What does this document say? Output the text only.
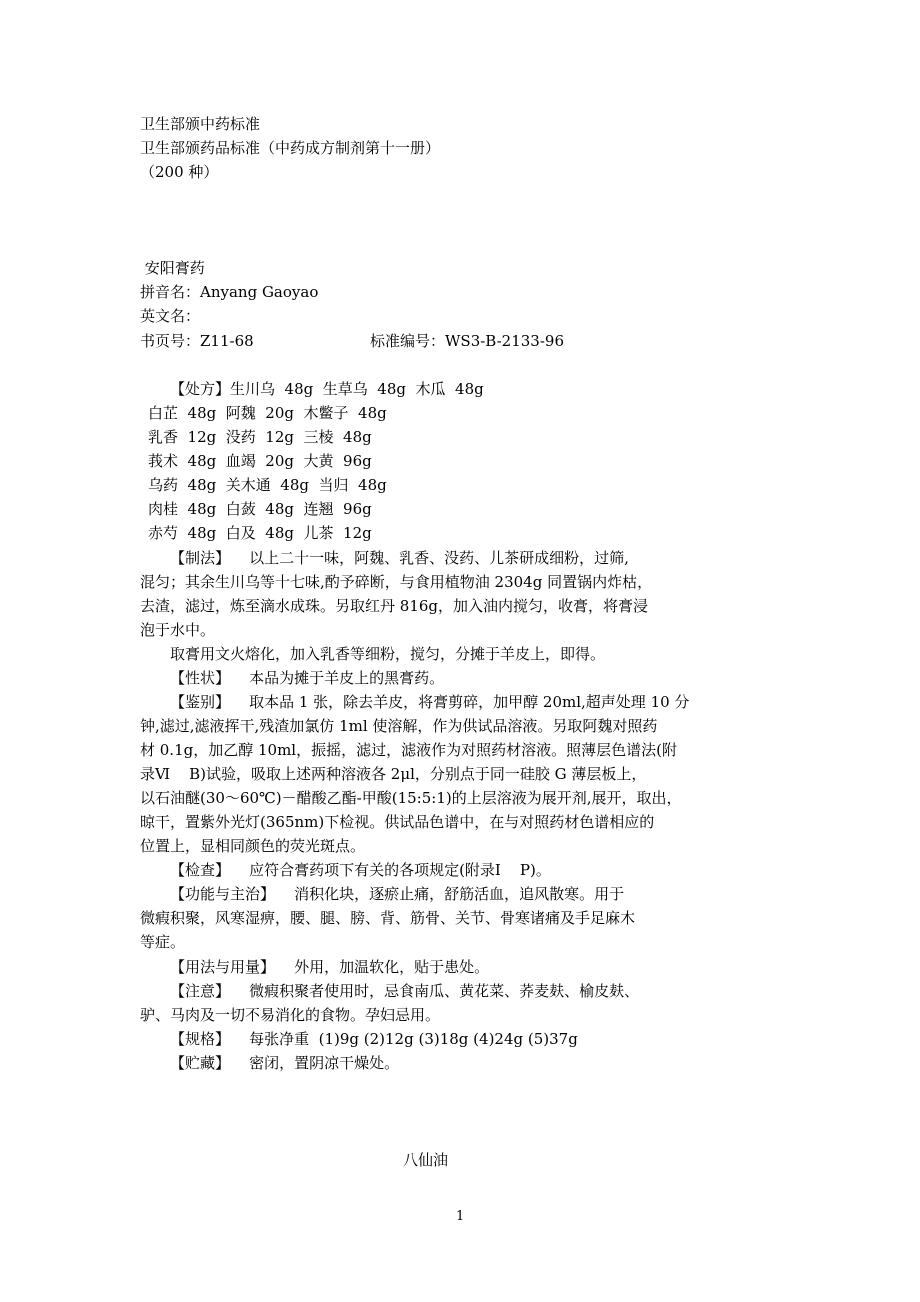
卫生部颁中药标准
卫生部颁药品标准（中药成方制剂第十一册）
（200 种）
安阳膏药
拼音名：Anyang Gaoyao
英文名：
书页号：Z11-68	标准编号：WS3-B-2133-96
【处方】生川乌  48g  生草乌  48g  木瓜  48g
白芷  48g  阿魏  20g  木鳖子  48g
乳香  12g  没药  12g  三棱  48g
莪术  48g  血竭  20g  大黄  96g
乌药  48g  关木通  48g  当归  48g
肉桂  48g  白蔹  48g  连翘  96g
赤芍  48g  白及  48g  儿茶  12g
【制法】    以上二十一味，阿魏、乳香、没药、儿茶研成细粉，过筛,
混匀；其余生川乌等十七味,酌予碎断，与食用植物油 2304g 同置锅内炸枯，
去渣，滤过，炼至滴水成珠。另取红丹 816g，加入油内搅匀，收膏，将膏浸
泡于水中。
取膏用文火熔化，加入乳香等细粉，搅匀，分摊于羊皮上，即得。
【性状】    本品为摊于羊皮上的黑膏药。
【鉴别】    取本品 1 张，除去羊皮，将膏剪碎，加甲醇 20ml,超声处理 10 分
钟,滤过,滤液挥干,残渣加氯仿 1ml 使溶解，作为供试品溶液。另取阿魏对照药
材 0.1g，加乙醇 10ml，振摇，滤过，滤液作为对照药材溶液。照薄层色谱法(附
录Ⅵ    B)试验，吸取上述两种溶液各 2μl，分别点于同一硅胶 G 薄层板上，
以石油醚(30～60℃)－醋酸乙酯-甲酸(15:5:1)的上层溶液为展开剂,展开，取出，
晾干，置紫外光灯(365nm)下检视。供试品色谱中，在与对照药材色谱相应的
位置上，显相同颜色的荧光斑点。
【检查】    应符合膏药项下有关的各项规定(附录Ⅰ    P)。
【功能与主治】    消积化块，逐瘀止痛，舒筋活血，追风散寒。用于
微瘕积聚，风寒湿痹，腰、腿、膀、背、筋骨、关节、骨寒诸痛及手足麻木
等症。
【用法与用量】    外用，加温软化，贴于患处。
【注意】    微瘕积聚者使用时，忌食南瓜、黄花菜、荞麦麸、榆皮麸、
驴、马肉及一切不易消化的食物。孕妇忌用。
【规格】    每张净重  (1)9g (2)12g (3)18g (4)24g (5)37g
【贮藏】    密闭，置阴凉干燥处。
八仙油
1
